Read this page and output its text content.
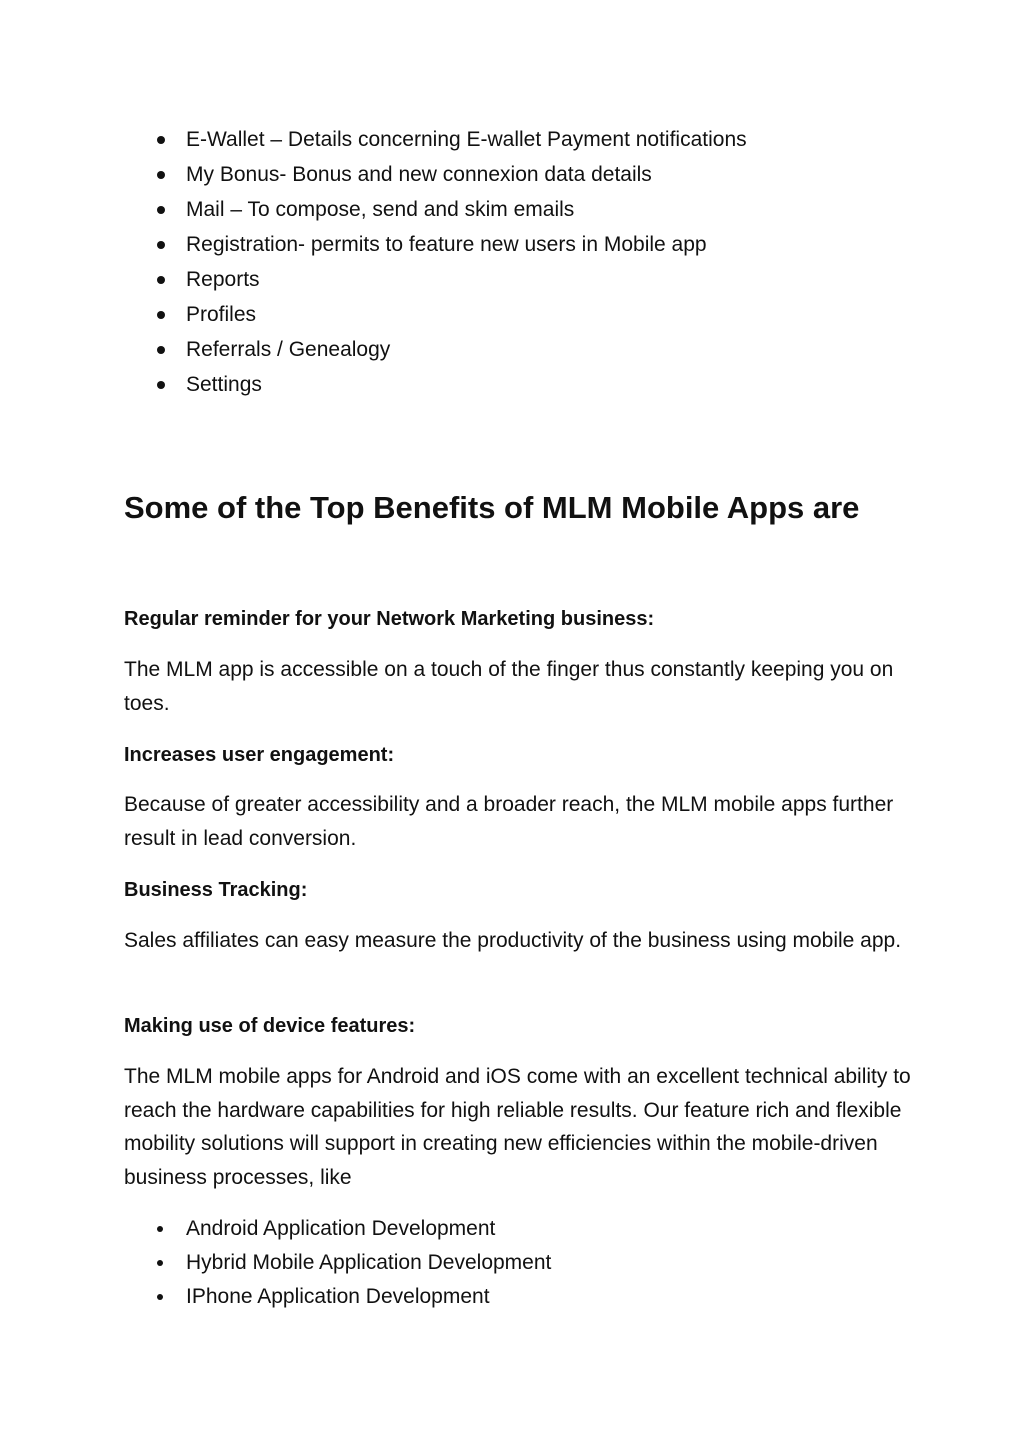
E-Wallet – Details concerning E-wallet Payment notifications
My Bonus- Bonus and new connexion data details
Mail – To compose, send and skim emails
Registration- permits to feature new users in Mobile app
Reports
Profiles
Referrals / Genealogy
Settings
Some of the Top Benefits of MLM Mobile Apps are
Regular reminder for your Network Marketing business:

The MLM app is accessible on a touch of the finger thus constantly keeping you on toes.

Increases user engagement:

Because of greater accessibility and a broader reach, the MLM mobile apps further result in lead conversion.

Business Tracking:

Sales affiliates can easy measure the productivity of the business using mobile app.

Making use of device features:

The MLM mobile apps for Android and iOS come with an excellent technical ability to reach the hardware capabilities for high reliable results. Our feature rich and flexible mobility solutions will support in creating new efficiencies within the mobile-driven business processes, like

Android Application Development
Hybrid Mobile Application Development
IPhone Application Development
